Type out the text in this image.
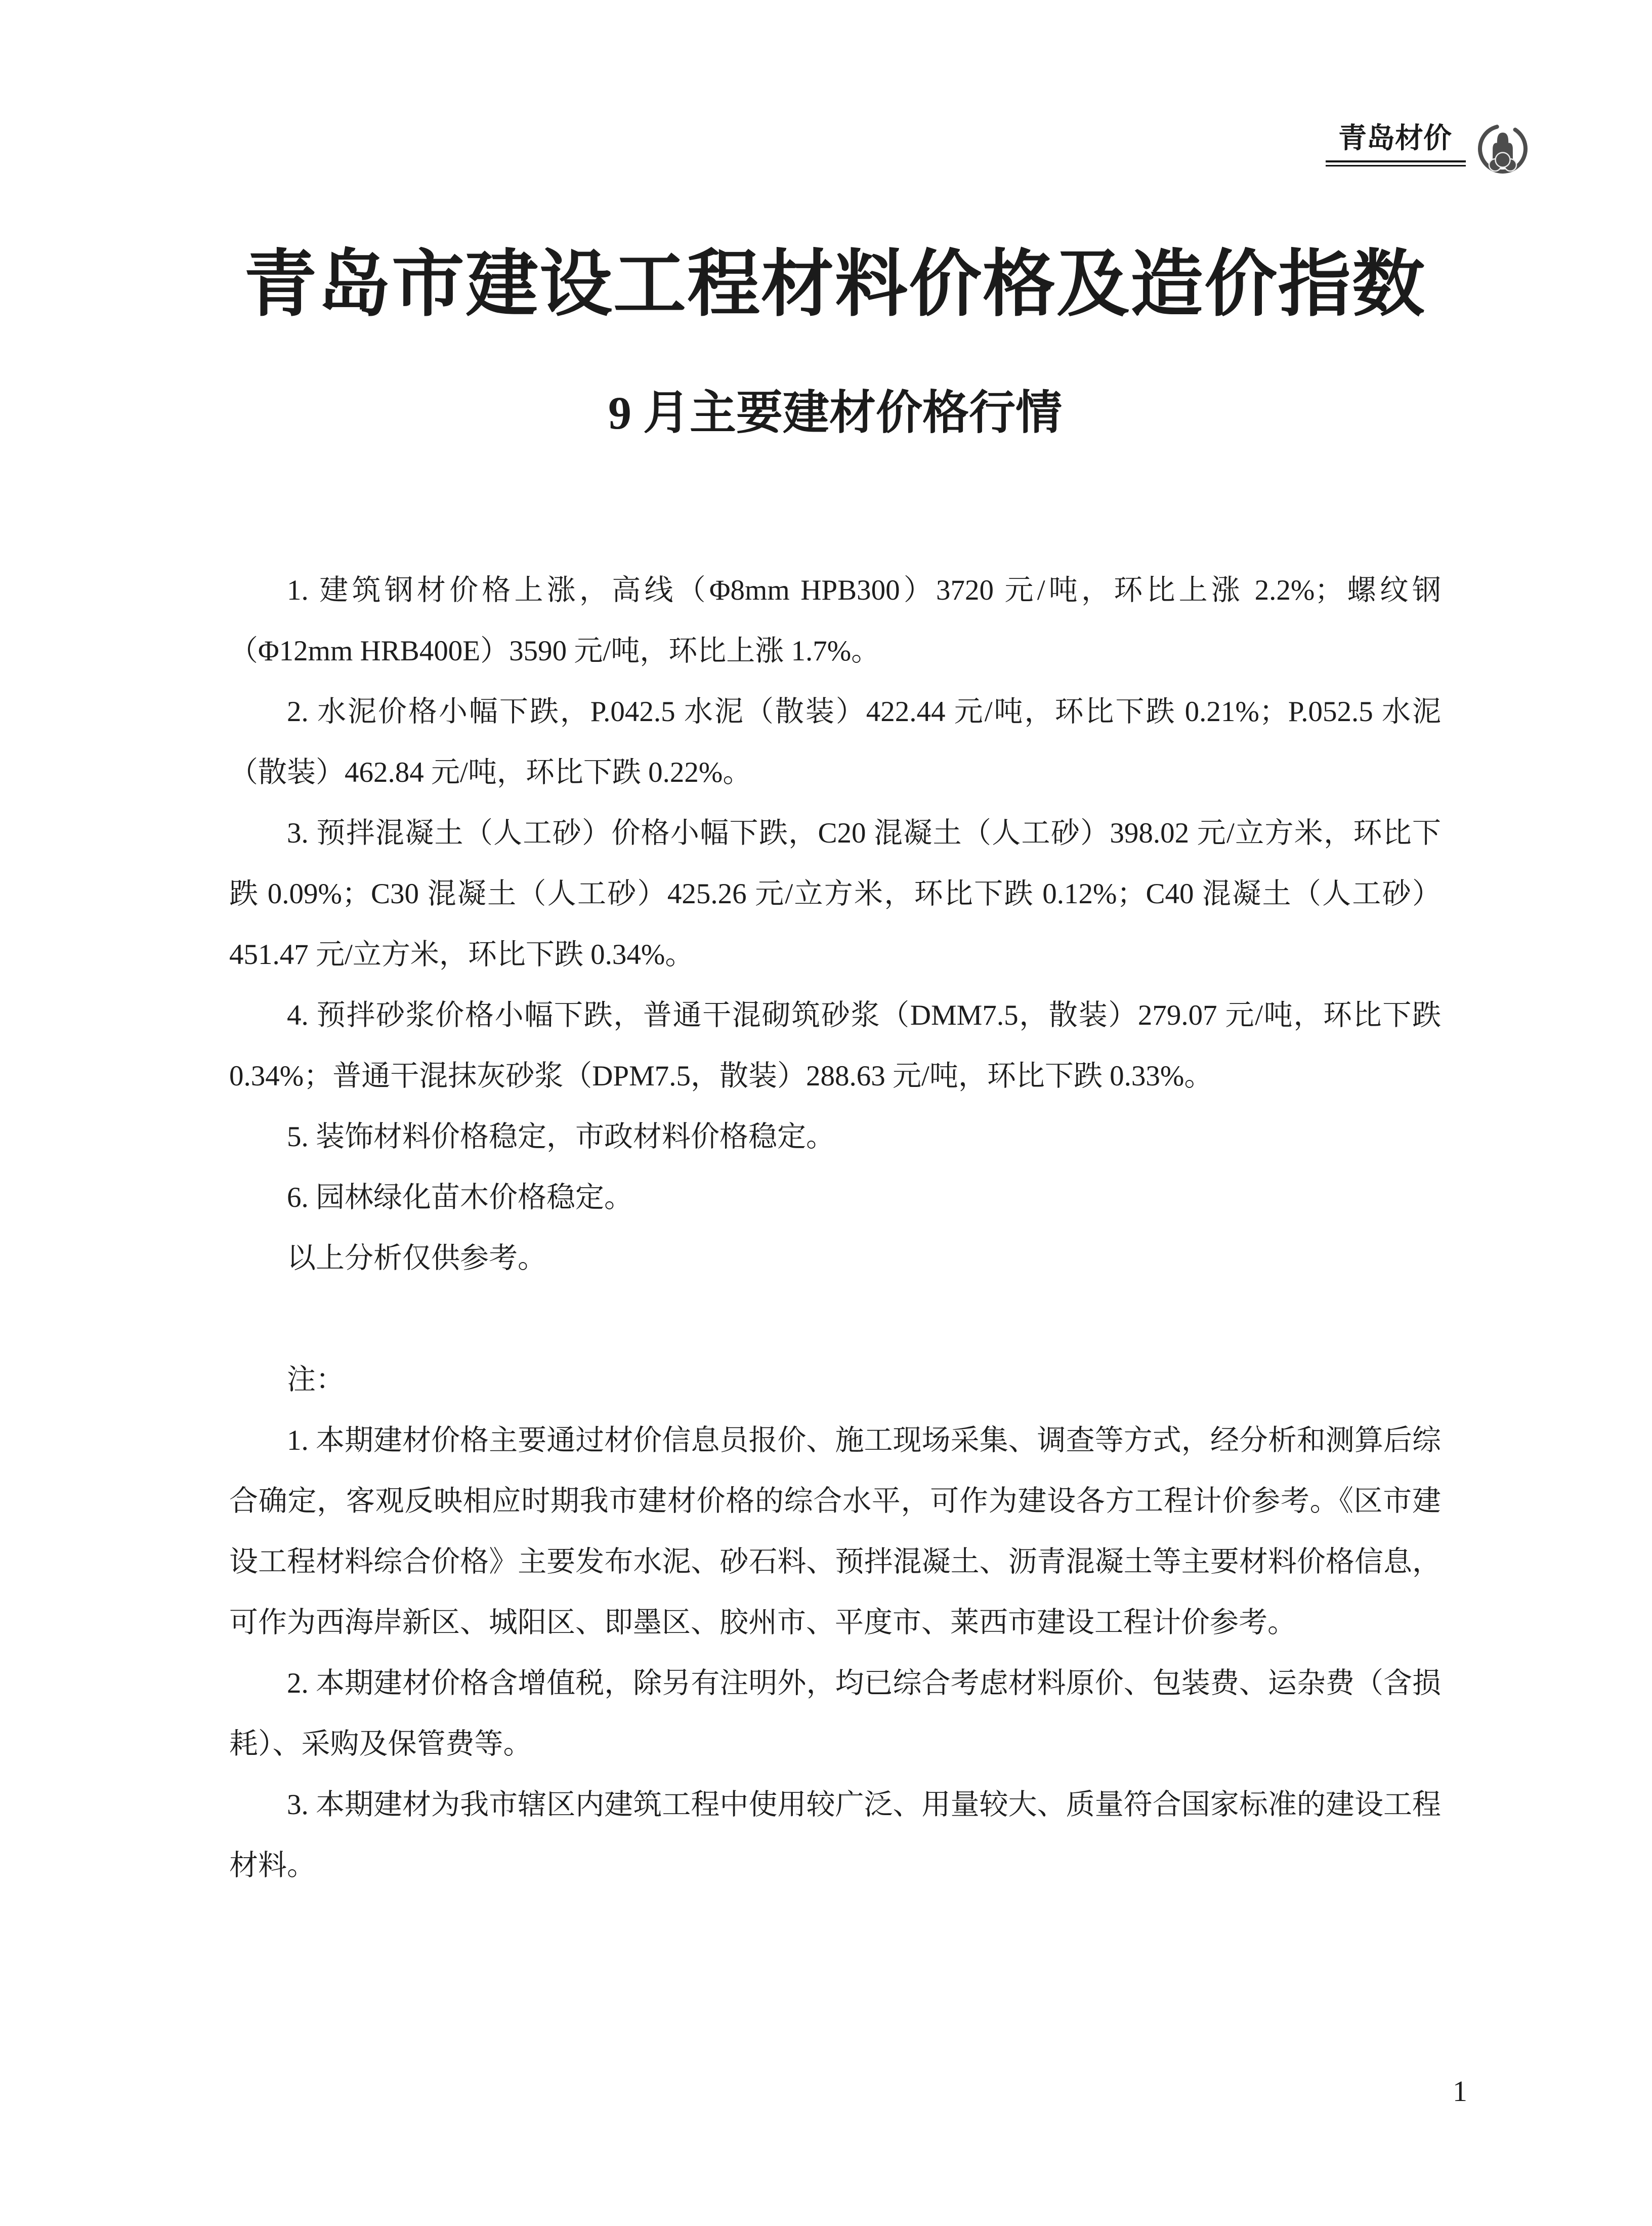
青岛材价
青岛市建设工程材料价格及造价指数
9 月主要建材价格行情

1. 建筑钢材价格上涨，高线（Φ8mm HPB300）3720 元/吨，环比上涨 2.2%；螺纹钢（Φ12mm HRB400E）3590 元/吨，环比上涨 1.7%。

2. 水泥价格小幅下跌，P.042.5 水泥（散装）422.44 元/吨，环比下跌 0.21%；P.052.5 水泥（散装）462.84 元/吨，环比下跌 0.22%。

3. 预拌混凝土（人工砂）价格小幅下跌，C20 混凝土（人工砂）398.02 元/立方米，环比下跌 0.09%；C30 混凝土（人工砂）425.26 元/立方米，环比下跌 0.12%；C40 混凝土（人工砂）451.47 元/立方米，环比下跌 0.34%。

4. 预拌砂浆价格小幅下跌，普通干混砌筑砂浆（DMM7.5，散装）279.07 元/吨，环比下跌 0.34%；普通干混抹灰砂浆（DPM7.5，散装）288.63 元/吨，环比下跌 0.33%。

5. 装饰材料价格稳定，市政材料价格稳定。

6. 园林绿化苗木价格稳定。

以上分析仅供参考。

注：

1. 本期建材价格主要通过材价信息员报价、施工现场采集、调查等方式，经分析和测算后综合确定，客观反映相应时期我市建材价格的综合水平，可作为建设各方工程计价参考。《区市建设工程材料综合价格》主要发布水泥、砂石料、预拌混凝土、沥青混凝土等主要材料价格信息，可作为西海岸新区、城阳区、即墨区、胶州市、平度市、莱西市建设工程计价参考。

2. 本期建材价格含增值税，除另有注明外，均已综合考虑材料原价、包装费、运杂费（含损耗）、采购及保管费等。

3. 本期建材为我市辖区内建筑工程中使用较广泛、用量较大、质量符合国家标准的建设工程材料。

1
